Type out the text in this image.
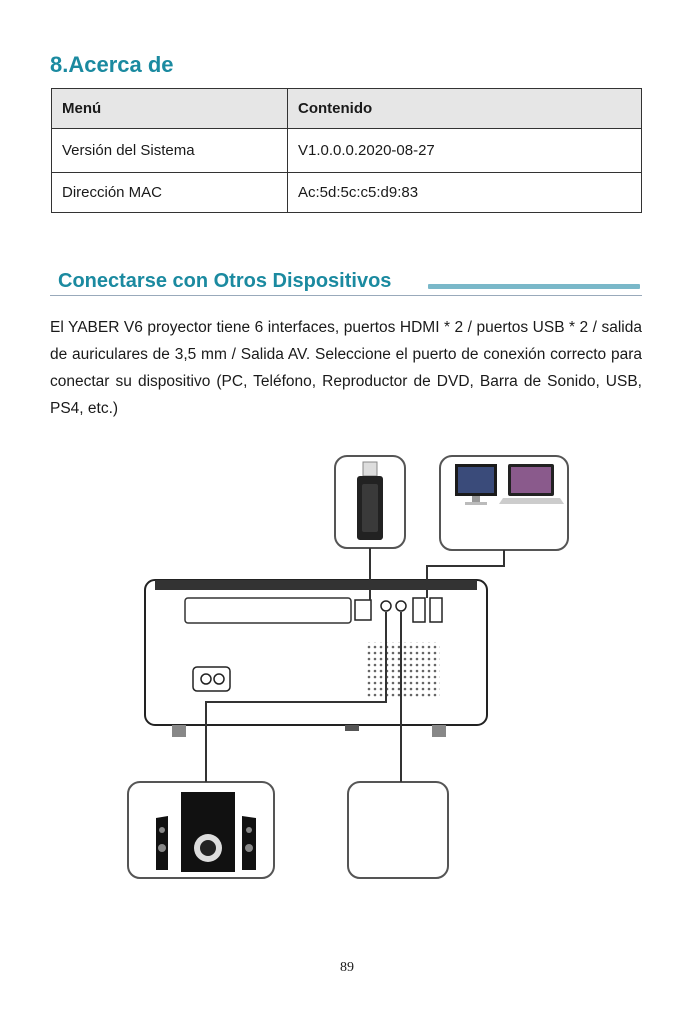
8.Acerca de
Menú	Contenido
Versión del Sistema	V1.0.0.0.2020-08-27
Dirección MAC	Ac:5d:5c:c5:d9:83
Conectarse con Otros Dispositivos
El YABER V6 proyector tiene 6 interfaces, puertos HDMI * 2 / puertos USB * 2 / salida de auriculares de 3,5 mm / Salida AV. Seleccione el puerto de conexión correcto para conectar su dispositivo (PC, Teléfono, Reproductor de DVD, Barra de Sonido, USB, PS4, etc.)
89
